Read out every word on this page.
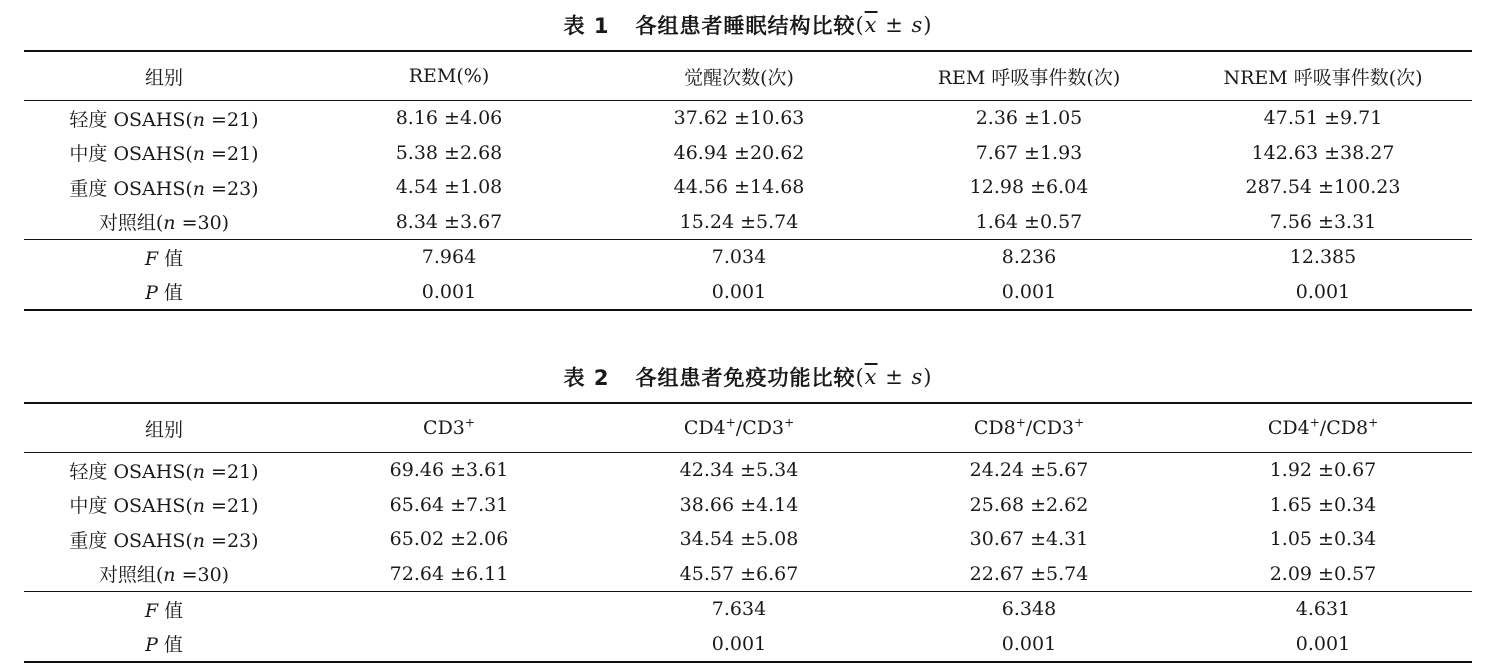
表 1 各组患者睡眠结构比较 $(\overline{x} \pm s)$
组别	REM(%)	觉醒次数(次)	REM 呼吸事件数(次)	NREM 呼吸事件数(次)
轻度 OSAHS(n =21)	8.16 ±4.06	37.62 ±10.63	2.36 ±1.05	47.51 ±9.71
中度 OSAHS(n =21)	5.38 ±2.68	46.94 ±20.62	7.67 ±1.93	142.63 ±38.27
重度 OSAHS(n =23)	4.54 ±1.08	44.56 ±14.68	12.98 ±6.04	287.54 ±100.23
对照组(n =30)	8.34 ±3.67	15.24 ±5.74	1.64 ±0.57	7.56 ±3.31
F 值	7.964	7.034	8.236	12.385
P 值	0.001	0.001	0.001	0.001
表 2 各组患者免疫功能比较 $(\overline{x} \pm s)$
组别	CD3+	CD4+/CD3+	CD8+/CD3+	CD4+/CD8+
轻度 OSAHS(n =21)	69.46 ±3.61	42.34 ±5.34	24.24 ±5.67	1.92 ±0.67
中度 OSAHS(n =21)	65.64 ±7.31	38.66 ±4.14	25.68 ±2.62	1.65 ±0.34
重度 OSAHS(n =23)	65.02 ±2.06	34.54 ±5.08	30.67 ±4.31	1.05 ±0.34
对照组(n =30)	72.64 ±6.11	45.57 ±6.67	22.67 ±5.74	2.09 ±0.57
F 值		7.634	6.348	4.631
P 值		0.001	0.001	0.001
